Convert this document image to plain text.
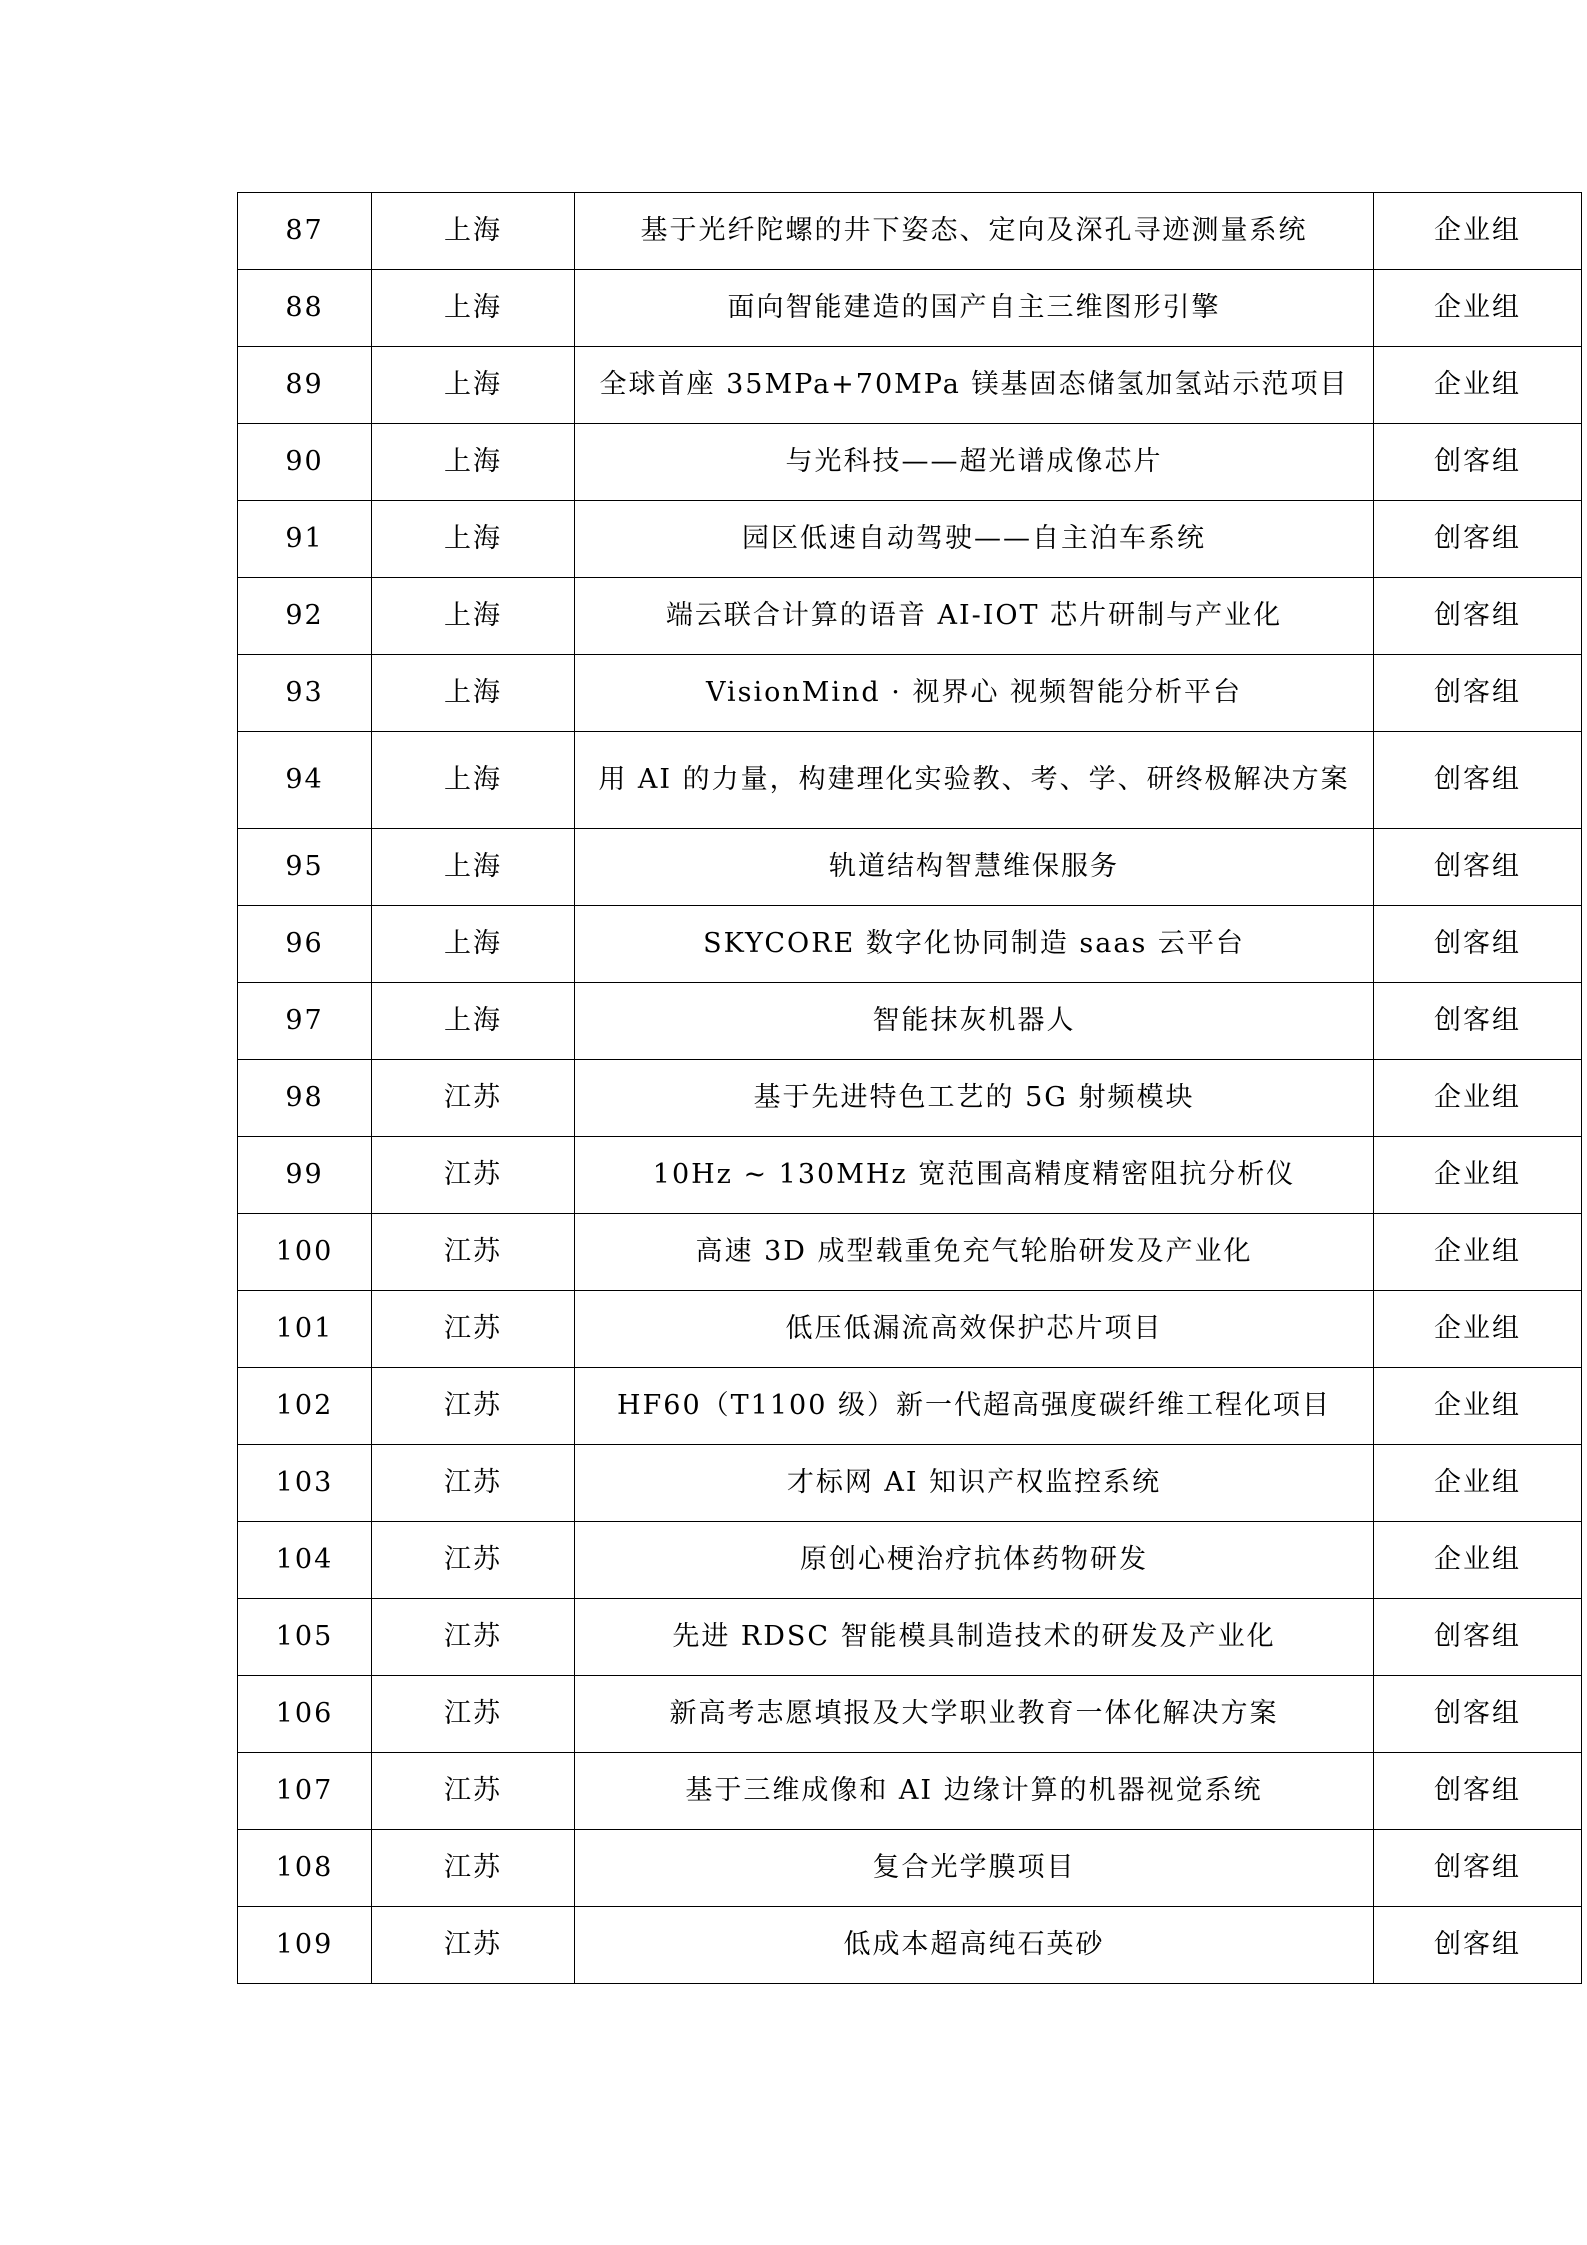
87	上海	基于光纤陀螺的井下姿态、定向及深孔寻迹测量系统	企业组
88	上海	面向智能建造的国产自主三维图形引擎	企业组
89	上海	全球首座 35MPa+70MPa 镁基固态储氢加氢站示范项目	企业组
90	上海	与光科技——超光谱成像芯片	创客组
91	上海	园区低速自动驾驶——自主泊车系统	创客组
92	上海	端云联合计算的语音 AI-IOT 芯片研制与产业化	创客组
93	上海	VisionMind · 视界心 视频智能分析平台	创客组
94	上海	用 AI 的力量，构建理化实验教、考、学、研终极解决方案	创客组
95	上海	轨道结构智慧维保服务	创客组
96	上海	SKYCORE 数字化协同制造 saas 云平台	创客组
97	上海	智能抹灰机器人	创客组
98	江苏	基于先进特色工艺的 5G 射频模块	企业组
99	江苏	10Hz ~ 130MHz 宽范围高精度精密阻抗分析仪	企业组
100	江苏	高速 3D 成型载重免充气轮胎研发及产业化	企业组
101	江苏	低压低漏流高效保护芯片项目	企业组
102	江苏	HF60（T1100 级）新一代超高强度碳纤维工程化项目	企业组
103	江苏	才标网 AI 知识产权监控系统	企业组
104	江苏	原创心梗治疗抗体药物研发	企业组
105	江苏	先进 RDSC 智能模具制造技术的研发及产业化	创客组
106	江苏	新高考志愿填报及大学职业教育一体化解决方案	创客组
107	江苏	基于三维成像和 AI 边缘计算的机器视觉系统	创客组
108	江苏	复合光学膜项目	创客组
109	江苏	低成本超高纯石英砂	创客组
